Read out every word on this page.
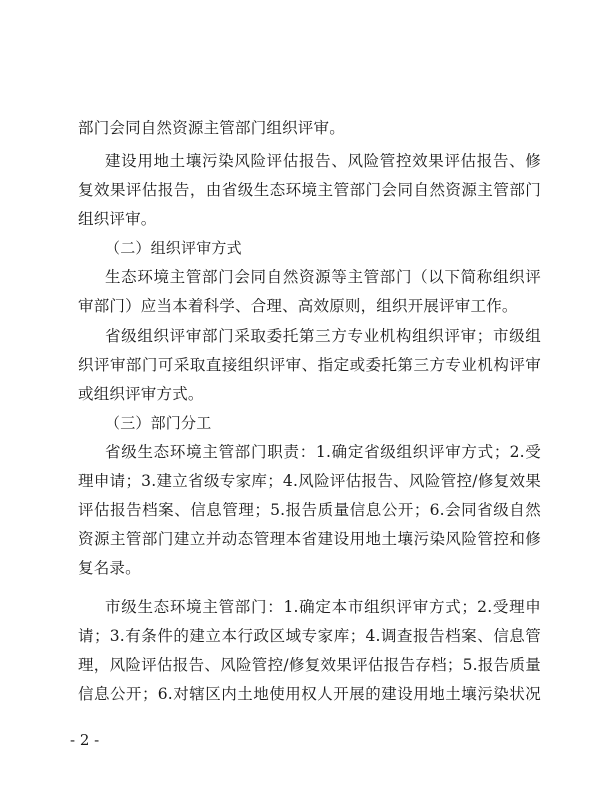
部门会同自然资源主管部门组织评审。
建设用地土壤污染风险评估报告、风险管控效果评估报告、修
复效果评估报告，由省级生态环境主管部门会同自然资源主管部门
组织评审。
（二）组织评审方式
生态环境主管部门会同自然资源等主管部门（以下简称组织评
审部门）应当本着科学、合理、高效原则，组织开展评审工作。
省级组织评审部门采取委托第三方专业机构组织评审；市级组
织评审部门可采取直接组织评审、指定或委托第三方专业机构评审
或组织评审方式。
（三）部门分工
省级生态环境主管部门职责：1.确定省级组织评审方式；2.受
理申请；3.建立省级专家库；4.风险评估报告、风险管控/修复效果
评估报告档案、信息管理；5.报告质量信息公开；6.会同省级自然
资源主管部门建立并动态管理本省建设用地土壤污染风险管控和修
复名录。
市级生态环境主管部门：1.确定本市组织评审方式；2.受理申
请；3.有条件的建立本行政区域专家库；4.调查报告档案、信息管
理，风险评估报告、风险管控/修复效果评估报告存档；5.报告质量
信息公开；6.对辖区内土地使用权人开展的建设用地土壤污染状况
- 2 -
